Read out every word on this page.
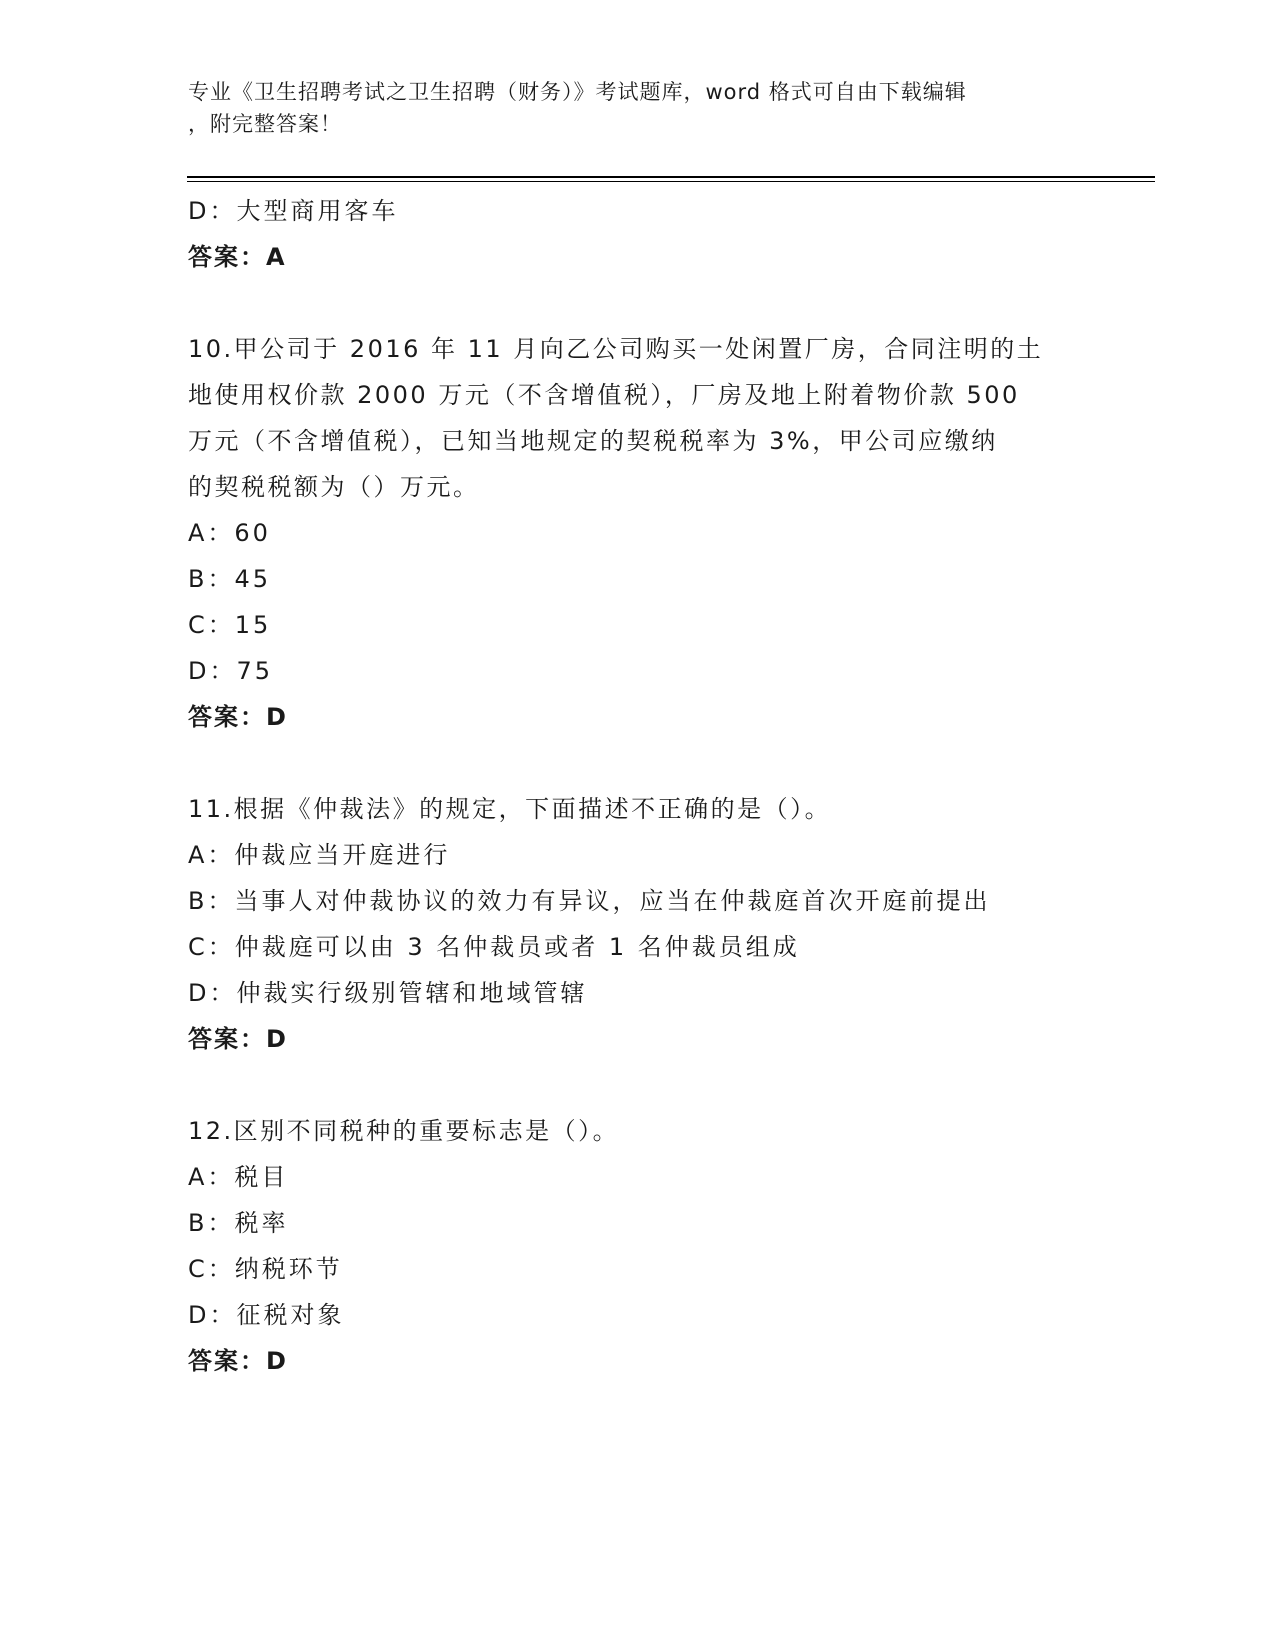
专业《卫生招聘考试之卫生招聘（财务）》考试题库，word 格式可自由下载编辑
，附完整答案！
D：大型商用客车
答案：A
10.甲公司于 2016 年 11 月向乙公司购买一处闲置厂房，合同注明的土
地使用权价款 2000 万元（不含增值税），厂房及地上附着物价款 500
万元（不含增值税），已知当地规定的契税税率为 3%，甲公司应缴纳
的契税税额为（）万元。
A：60
B：45
C：15
D：75
答案：D
11.根据《仲裁法》的规定，下面描述不正确的是（）。
A：仲裁应当开庭进行
B：当事人对仲裁协议的效力有异议，应当在仲裁庭首次开庭前提出
C：仲裁庭可以由 3 名仲裁员或者 1 名仲裁员组成
D：仲裁实行级别管辖和地域管辖
答案：D
12.区别不同税种的重要标志是（）。
A：税目
B：税率
C：纳税环节
D：征税对象
答案：D
